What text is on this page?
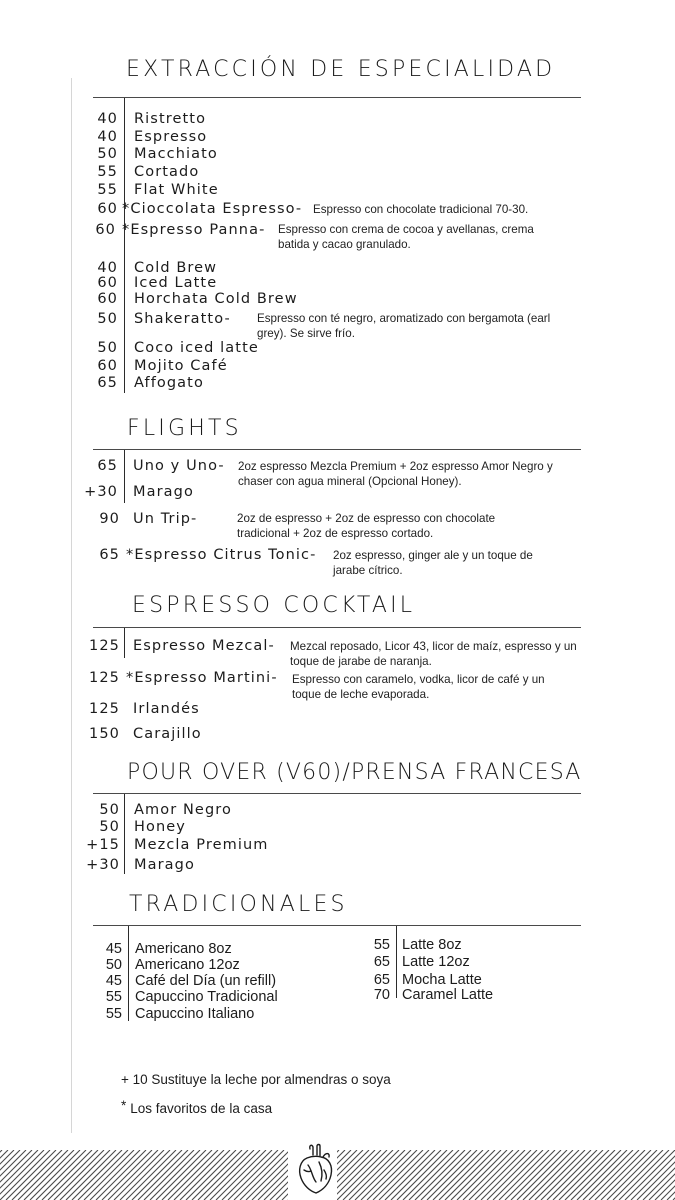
EXTRACCIÓN DE ESPECIALIDAD
FLIGHTS
ESPRESSO COCKTAIL
POUR OVER (V60)/PRENSA FRANCESA
TRADICIONALES
+ 10 Sustituye la leche por almendras o soya
* Los favoritos de la casa
40 Ristretto
40 Espresso
50 Macchiato
55 Cortado
55 Flat White
60 *Cioccolata Espresso- Espresso con chocolate tradicional 70-30.
60 *Espresso Panna- Espresso con crema de cocoa y avellanas, crema batida y cacao granulado.
40 Cold Brew
60 Iced Latte
60 Horchata Cold Brew
50 Shakeratto- Espresso con té negro, aromatizado con bergamota (earl grey). Se sirve frío.
50 Coco iced latte
60 Mojito Café
65 Affogato
65 Uno y Uno- 2oz espresso Mezcla Premium + 2oz espresso Amor Negro y chaser con agua mineral (Opcional Honey).
+30 Marago
90 Un Trip-	2oz de espresso + 2oz de espresso con chocolate tradicional + 2oz de espresso cortado.
65 *Espresso Citrus Tonic- 2oz espresso, ginger ale y un toque de jarabe cítrico.
125 Espresso Mezcal- Mezcal reposado, Licor 43, licor de maíz, espresso y un toque de jarabe de naranja.
125 *Espresso Martini- Espresso con caramelo, vodka, licor de café y un toque de leche evaporada.
125 Irlandés
150 Carajillo
50 Amor Negro
50 Honey
+15 Mezcla Premium
+30 Marago
45 Americano 8oz
50 Americano 12oz
45 Café del Día (un refill)
55 Capuccino Tradicional
55 Capuccino Italiano
55 Latte 8oz
65 Latte 12oz
65 Mocha Latte
70 Caramel Latte
